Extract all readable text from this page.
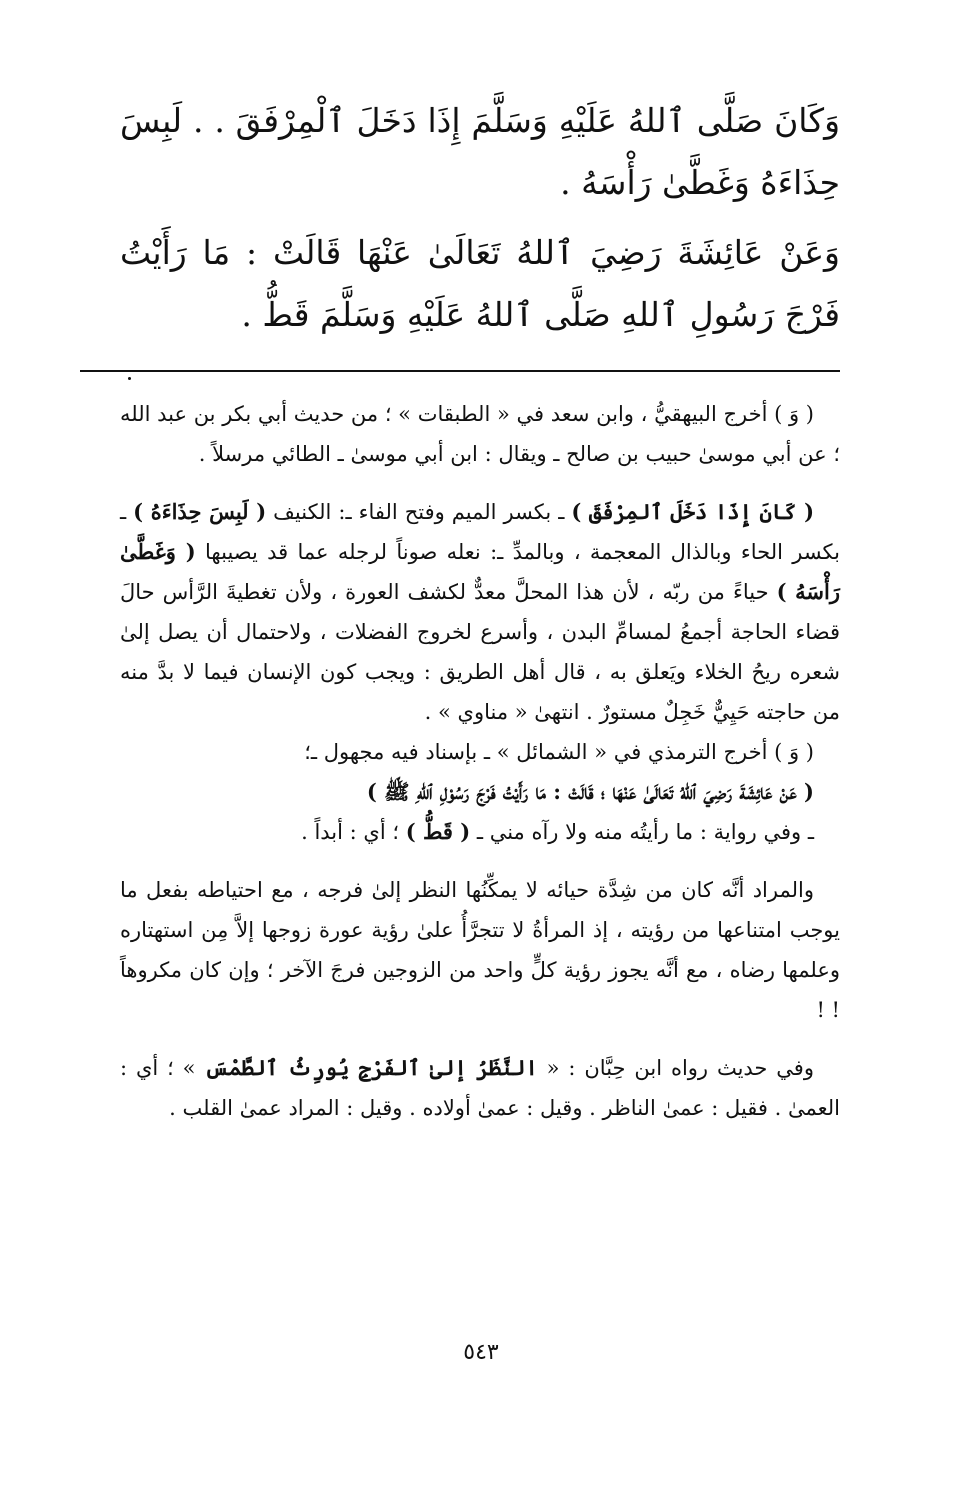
وَكَانَ صَلَّى ٱللهُ عَلَيْهِ وَسَلَّمَ إِذَا دَخَلَ ٱلْمِرْفَقَ . . لَبِسَ حِذَاءَهُ وَغَطَّىٰ رَأْسَهُ .

وَعَنْ عَائِشَةَ رَضِيَ ٱللهُ تَعَالَىٰ عَنْهَا قَالَتْ : مَا رَأَيْتُ فَرْجَ رَسُولِ ٱللهِ صَلَّى ٱللهُ عَلَيْهِ وَسَلَّمَ قَطُّ .

( وَ ) أخرج البيهقيُّ ، وابن سعد في « الطبقات » ؛ من حديث أبي بكر بن عبد الله ؛ عن أبي موسىٰ حبيب بن صالح ـ ويقال : ابن أبي موسىٰ ـ الطائي مرسلاً .

( كَانَ إِذَا دَخَلَ ٱلمِرْفَقَ ) ـ بكسر الميم وفتح الفاء ـ: الكنيف ( لَبِسَ حِذَاءَهُ ) ـ بكسر الحاء وبالذال المعجمة ، وبالمدِّ ـ: نعله صوناً لرجله عما قد يصيبها ( وَغَطَّىٰ رَأْسَهُ ) حياءً من ربّه ، لأن هذا المحلَّ معدٌّ لكشف العورة ، ولأن تغطيةَ الرَّأس حالَ قضاء الحاجة أجمعُ لمسامِّ البدن ، وأسرع لخروج الفضلات ، ولاحتمال أن يصل إلىٰ شعره ريحُ الخلاء ويَعلق به ، قال أهل الطريق : ويجب كون الإنسان فيما لا بدَّ منه من حاجته حَيِيٌّ خَجِلٌ مستورٌ . انتهىٰ « مناوي » .

( وَ ) أخرج الترمذي في « الشمائل » ـ بإسناد فيه مجهول ـ؛

( عَنْ عَائِشَةَ رَضِيَ ٱللهُ تَعَالَىٰ عَنْهَا ؛ قَالَتْ : مَا رَأَيْتُ فَرْجَ رَسُوْلِ ٱللهِ ﷺ )

ـ وفي رواية : ما رأيتُه منه ولا رآه مني ـ ( قَطُّ ) ؛ أي : أبداً .

والمراد أنَّه كان من شِدَّة حيائه لا يمكِّنُها النظر إلىٰ فرجه ، مع احتياطه بفعل ما يوجب امتناعها من رؤيته ، إذ المرأةُ لا تتجرَّأُ علىٰ رؤية عورة زوجها إلاَّ مِن استهتاره وعلمها رضاه ، مع أنَّه يجوز رؤية كلٍّ واحد من الزوجين فرجَ الآخر ؛ وإن كان مكروهاً ! !

وفي حديث رواه ابن حِبَّان : « النَّظَرُ إلىٰ ٱلفَرْجِ يُورِثُ ٱلطَّمْسَ » ؛ أي : العمىٰ . فقيل : عمىٰ الناظر . وقيل : عمىٰ أولاده . وقيل : المراد عمىٰ القلب .

٥٤٣
